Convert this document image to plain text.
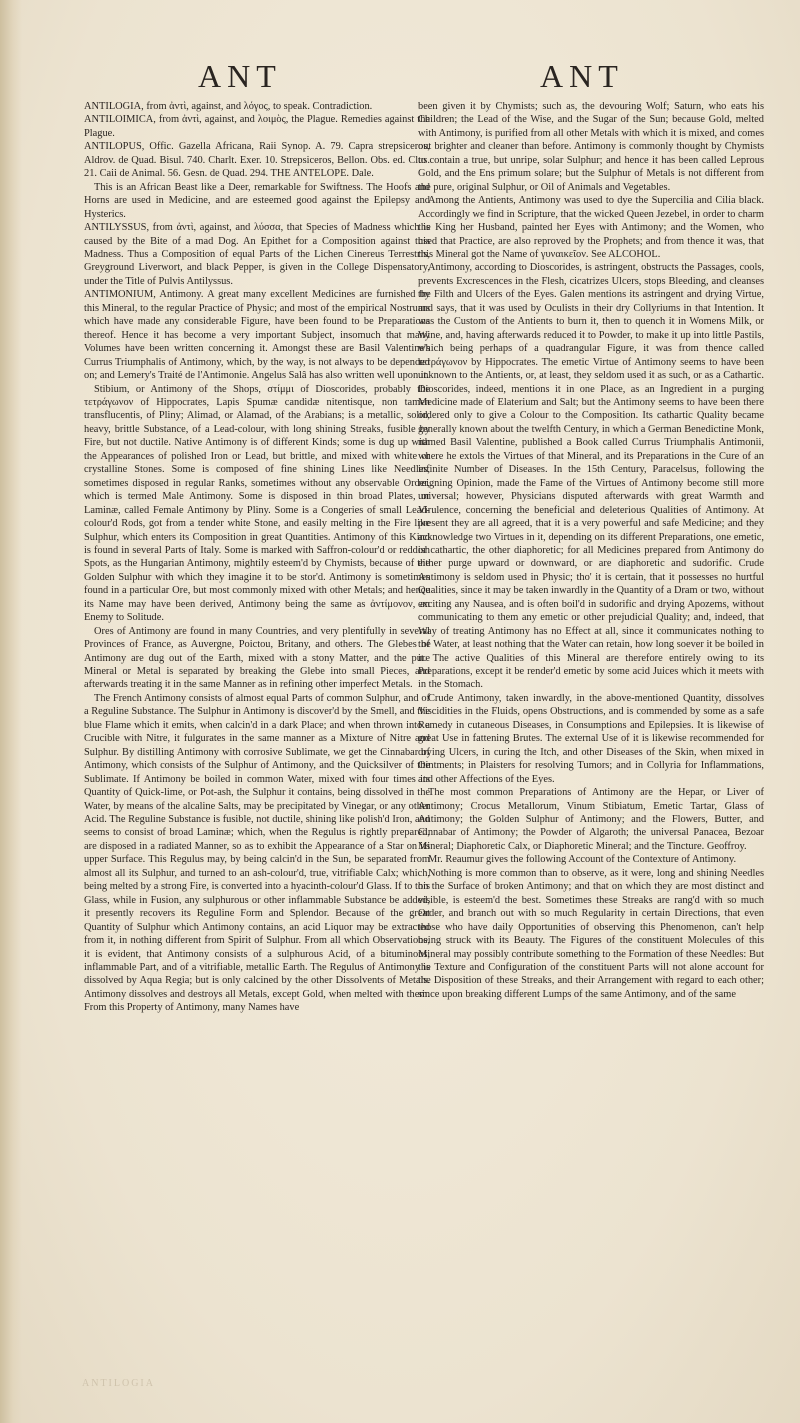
ANT	ANT

ANTILOGIA, from ἀντὶ, against, and λόγος, to speak. Contradiction.

ANTILOIMICA, from ἀντὶ, against, and λοιμὸς, the Plague. Remedies against the Plague.

ANTILOPUS, Offic. Gazella Africana, Raii Synop. A. 79. Capra strepsiceros, Aldrov. de Quad. Bisul. 740. Charlt. Exer. 10. Strepsiceros, Bellon. Obs. ed. Clus. 21. Caii de Animal. 56. Gesn. de Quad. 294. THE ANTELOPE. Dale.

This is an African Beast like a Deer, remarkable for Swiftness. The Hoofs and Horns are used in Medicine, and are esteemed good against the Epilepsy and Hysterics.

ANTILYSSUS, from ἀντὶ, against, and λύσσα, that Species of Madness which is caused by the Bite of a mad Dog. An Epithet for a Composition against this Madness. Thus a Composition of equal Parts of the Lichen Cinereus Terrestris, Greyground Liverwort, and black Pepper, is given in the College Dispensatory, under the Title of Pulvis Antilyssus.

ANTIMONIUM, Antimony. A great many excellent Medicines are furnished by this Mineral, to the regular Practice of Physic; and most of the empirical Nostrums which have made any considerable Figure, have been found to be Preparations thereof. Hence it has become a very important Subject, insomuch that many Volumes have been written concerning it. Amongst these are Basil Valentine's Currus Triumphalis of Antimony, which, by the way, is not always to be depended on; and Lemery's Traité de l'Antimonie. Angelus Salâ has also written well upon it.

Stibium, or Antimony of the Shops, στίμμι of Dioscorides, probably the τετράγωνον of Hippocrates, Lapis Spumæ candidæ nitentisque, non tamen transflucentis, of Pliny; Alimad, or Alamad, of the Arabians; is a metallic, solid, heavy, brittle Substance, of a Lead-colour, with long shining Streaks, fusible by Fire, but not ductile. Native Antimony is of different Kinds; some is dug up with the Appearances of polished Iron or Lead, but brittle, and mixed with white or crystalline Stones. Some is composed of fine shining Lines like Needles, sometimes disposed in regular Ranks, sometimes without any observable Order, which is termed Male Antimony. Some is disposed in thin broad Plates, or Laminæ, called Female Antimony by Pliny. Some is a Congeries of small Lead-colour'd Rods, got from a tender white Stone, and easily melting in the Fire like Sulphur, which enters its Composition in great Quantities. Antimony of this Kind is found in several Parts of Italy. Some is marked with Saffron-colour'd or reddish Spots, as the Hungarian Antimony, mightily esteem'd by Chymists, because of the Golden Sulphur with which they imagine it to be stor'd. Antimony is sometimes found in a particular Ore, but most commonly mixed with other Metals; and hence its Name may have been derived, Antimony being the same as ἀντίμονον, an Enemy to Solitude.

Ores of Antimony are found in many Countries, and very plentifully in several Provinces of France, as Auvergne, Poictou, Britany, and others. The Glebes of Antimony are dug out of the Earth, mixed with a stony Matter, and the pure Mineral or Metal is separated by breaking the Glebe into small Pieces, and afterwards treating it in the same Manner as in refining other imperfect Metals.

The French Antimony consists of almost equal Parts of common Sulphur, and of a Reguline Substance. The Sulphur in Antimony is discover'd by the Smell, and the blue Flame which it emits, when calcin'd in a dark Place; and when thrown into a Crucible with Nitre, it fulgurates in the same manner as a Mixture of Nitre and Sulphur. By distilling Antimony with corrosive Sublimate, we get the Cinnabar of Antimony, which consists of the Sulphur of Antimony, and the Quicksilver of the Sublimate. If Antimony be boiled in common Water, mixed with four times its Quantity of Quick-lime, or Pot-ash, the Sulphur it contains, being dissolved in the Water, by means of the alcaline Salts, may be precipitated by Vinegar, or any other Acid. The Reguline Substance is fusible, not ductile, shining like polish'd Iron, and seems to consist of broad Laminæ; which, when the Regulus is rightly prepared, are disposed in a radiated Manner, so as to exhibit the Appearance of a Star on its upper Surface. This Regulus may, by being calcin'd in the Sun, be separated from almost all its Sulphur, and turned to an ash-colour'd, true, vitrifiable Calx; which, being melted by a strong Fire, is converted into a hyacinth-colour'd Glass. If to this Glass, while in Fusion, any sulphurous or other inflammable Substance be added, it presently recovers its Reguline Form and Splendor. Because of the great Quantity of Sulphur which Antimony contains, an acid Liquor may be extracted from it, in nothing different from Spirit of Sulphur. From all which Observations, it is evident, that Antimony consists of a sulphurous Acid, of a bituminous, inflammable Part, and of a vitrifiable, metallic Earth. The Regulus of Antimony is dissolved by Aqua Regia; but is only calcined by the other Dissolvents of Metals. Antimony dissolves and destroys all Metals, except Gold, when melted with them. From this Property of Antimony, many Names have

been given it by Chymists; such as, the devouring Wolf; Saturn, who eats his Children; the Lead of the Wise, and the Sugar of the Sun; because Gold, melted with Antimony, is purified from all other Metals with which it is mixed, and comes out brighter and cleaner than before. Antimony is commonly thought by Chymists to contain a true, but unripe, solar Sulphur; and hence it has been called Leprous Gold, and the Ens primum solare; but the Sulphur of Metals is not different from the pure, original Sulphur, or Oil of Animals and Vegetables.

Among the Antients, Antimony was used to dye the Supercilia and Cilia black. Accordingly we find in Scripture, that the wicked Queen Jezebel, in order to charm the King her Husband, painted her Eyes with Antimony; and the Women, who used that Practice, are also reproved by the Prophets; and from thence it was, that this Mineral got the Name of γυναικεῖον. See ALCOHOL.

Antimony, according to Dioscorides, is astringent, obstructs the Passages, cools, prevents Excrescences in the Flesh, cicatrizes Ulcers, stops Bleeding, and cleanses the Filth and Ulcers of the Eyes. Galen mentions its astringent and drying Virtue, and says, that it was used by Oculists in their dry Collyriums in that Intention. It was the Custom of the Antients to burn it, then to quench it in Womens Milk, or Wine, and, having afterwards reduced it to Powder, to make it up into little Pastils, which being perhaps of a quadrangular Figure, it was from thence called τετράγωνον by Hippocrates. The emetic Virtue of Antimony seems to have been unknown to the Antients, or, at least, they seldom used it as such, or as a Cathartic. Dioscorides, indeed, mentions it in one Place, as an Ingredient in a purging Medicine made of Elaterium and Salt; but the Antimony seems to have been there ordered only to give a Colour to the Composition. Its cathartic Quality became generally known about the twelfth Century, in which a German Benedictine Monk, named Basil Valentine, published a Book called Currus Triumphalis Antimonii, where he extols the Virtues of that Mineral, and its Preparations in the Cure of an infinite Number of Diseases. In the 15th Century, Paracelsus, following the reigning Opinion, made the Fame of the Virtues of Antimony become still more universal; however, Physicians disputed afterwards with great Warmth and Virulence, concerning the beneficial and deleterious Qualities of Antimony. At present they are all agreed, that it is a very powerful and safe Medicine; and they acknowledge two Virtues in it, depending on its different Preparations, one emetic, or cathartic, the other diaphoretic; for all Medicines prepared from Antimony do either purge upward or downward, or are diaphoretic and sudorific. Crude Antimony is seldom used in Physic; tho' it is certain, that it possesses no hurtful Qualities, since it may be taken inwardly in the Quantity of a Dram or two, without exciting any Nausea, and is often boil'd in sudorific and drying Apozems, without communicating to them any emetic or other prejudicial Quality; and, indeed, that Way of treating Antimony has no Effect at all, since it communicates nothing to the Water, at least nothing that the Water can retain, how long soever it be boiled in it. The active Qualities of this Mineral are therefore entirely owing to its Preparations, except it be render'd emetic by some acid Juices which it meets with in the Stomach.

Crude Antimony, taken inwardly, in the above-mentioned Quantity, dissolves Viscidities in the Fluids, opens Obstructions, and is commended by some as a safe Remedy in cutaneous Diseases, in Consumptions and Epilepsies. It is likewise of great Use in fattening Brutes. The external Use of it is likewise recommended for drying Ulcers, in curing the Itch, and other Diseases of the Skin, when mixed in Ointments; in Plaisters for resolving Tumors; and in Collyria for Inflammations, and other Affections of the Eyes.

The most common Preparations of Antimony are the Hepar, or Liver of Antimony; Crocus Metallorum, Vinum Stibiatum, Emetic Tartar, Glass of Antimony; the Golden Sulphur of Antimony; and the Flowers, Butter, and Cinnabar of Antimony; the Powder of Algaroth; the universal Panacea, Bezoar Mineral; Diaphoretic Calx, or Diaphoretic Mineral; and the Tincture. Geoffroy.

Mr. Reaumur gives the following Account of the Contexture of Antimony.

Nothing is more common than to observe, as it were, long and shining Needles on the Surface of broken Antimony; and that on which they are most distinct and visible, is esteem'd the best. Sometimes these Streaks are rang'd with so much Order, and branch out with so much Regularity in certain Directions, that even those who have daily Opportunities of observing this Phenomenon, can't help being struck with its Beauty. The Figures of the constituent Molecules of this Mineral may possibly contribute something to the Formation of these Needles: But the Texture and Configuration of the constituent Parts will not alone account for the Disposition of these Streaks, and their Arrangement with regard to each other; since upon breaking different Lumps of the same Antimony, and of the same

ANTILOGIA
